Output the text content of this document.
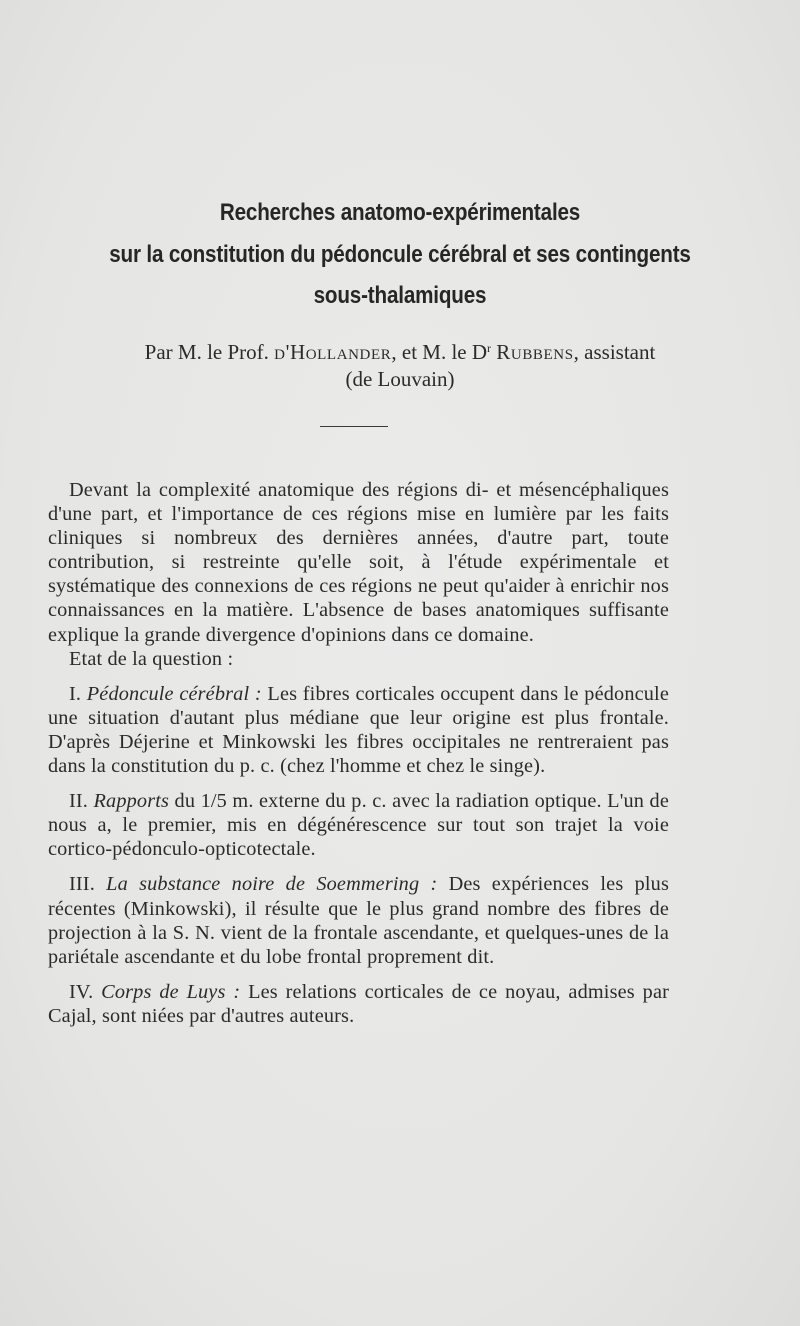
Recherches anatomo-expérimentales
sur la constitution du pédoncule cérébral et ses contingents
sous-thalamiques
Par M. le Prof. d'Hollander, et M. le $D^r$ Rubbens, assistant
(de Louvain)

Devant la complexité anatomique des régions di- et mésencéphaliques d'une part, et l'importance de ces régions mise en lumière par les faits cliniques si nombreux des dernières années, d'autre part, toute contribution, si restreinte qu'elle soit, à l'étude expérimentale et systématique des connexions de ces régions ne peut qu'aider à enrichir nos connaissances en la matière. L'absence de bases anatomiques suffisante explique la grande divergence d'opinions dans ce domaine.

Etat de la question :

I. Pédoncule cérébral : Les fibres corticales occupent dans le pédoncule une situation d'autant plus médiane que leur origine est plus frontale. D'après Déjerine et Minkowski les fibres occipitales ne rentreraient pas dans la constitution du p. c. (chez l'homme et chez le singe).

II. Rapports du 1/5 m. externe du p. c. avec la radiation optique. L'un de nous a, le premier, mis en dégénérescence sur tout son trajet la voie cortico-pédonculo-opticotectale.

III. La substance noire de Soemmering : Des expériences les plus récentes (Minkowski), il résulte que le plus grand nombre des fibres de projection à la S. N. vient de la frontale ascendante, et quelques-unes de la pariétale ascendante et du lobe frontal proprement dit.

IV. Corps de Luys : Les relations corticales de ce noyau, admises par Cajal, sont niées par d'autres auteurs.
